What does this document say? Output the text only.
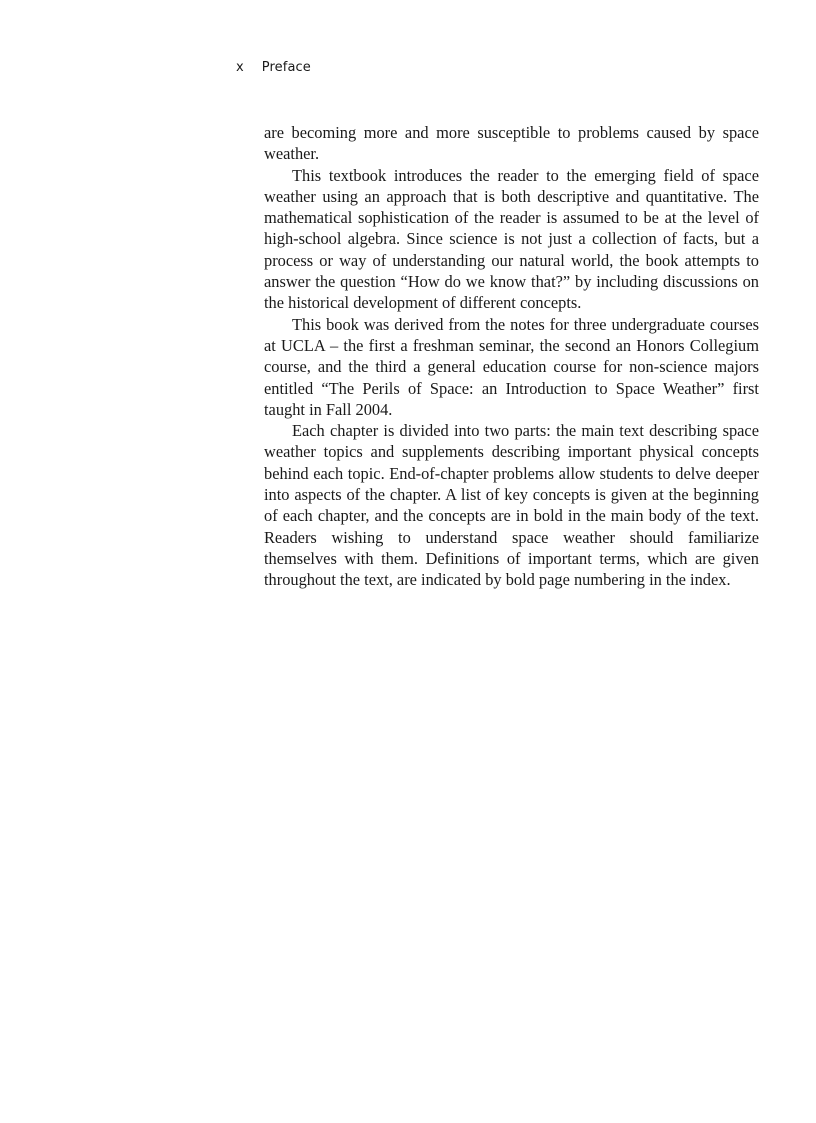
x Preface

are becoming more and more susceptible to problems caused by space weather.

This textbook introduces the reader to the emerging field of space weather using an approach that is both descriptive and quantitative. The mathematical sophistication of the reader is assumed to be at the level of high-school algebra. Since science is not just a collection of facts, but a process or way of understanding our natural world, the book attempts to answer the question “How do we know that?” by including discussions on the historical development of different concepts.

This book was derived from the notes for three undergraduate courses at UCLA – the first a freshman seminar, the second an Honors Collegium course, and the third a general education course for non-science majors entitled “The Perils of Space: an Introduction to Space Weather” first taught in Fall 2004.

Each chapter is divided into two parts: the main text describing space weather topics and supplements describing important physical concepts behind each topic. End-of-chapter problems allow students to delve deeper into aspects of the chapter. A list of key concepts is given at the beginning of each chapter, and the concepts are in bold in the main body of the text. Readers wishing to understand space weather should familiarize themselves with them. Definitions of important terms, which are given throughout the text, are indicated by bold page numbering in the index.
